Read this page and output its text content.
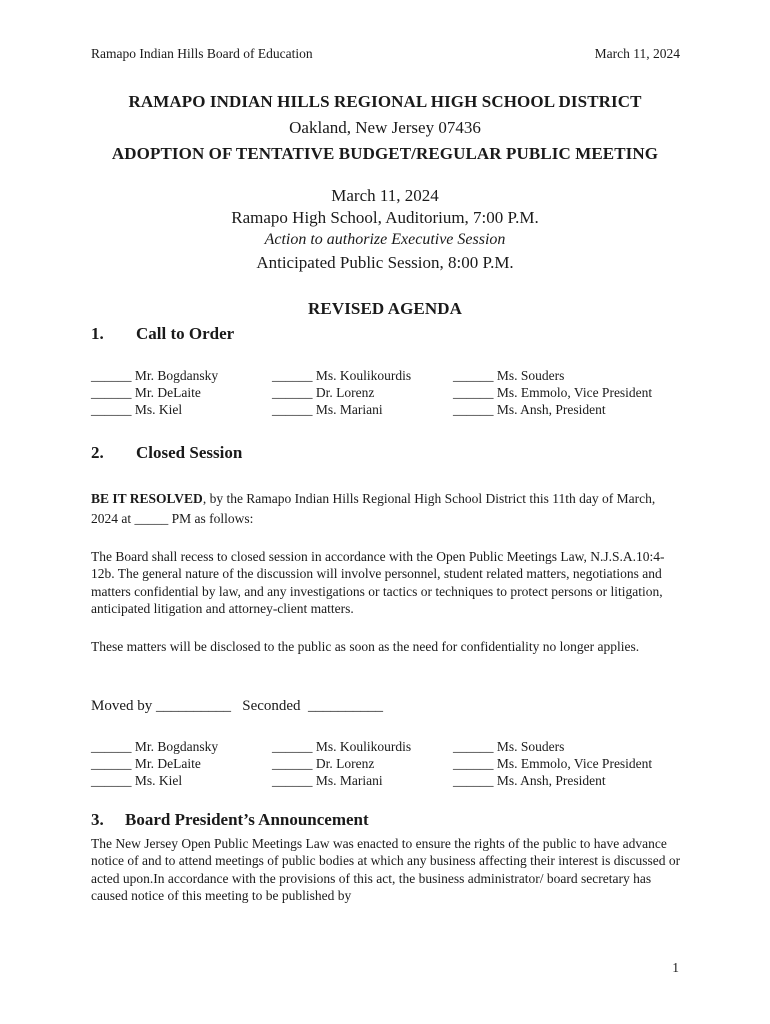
Ramapo Indian Hills Board of Education	March 11, 2024
RAMAPO INDIAN HILLS REGIONAL HIGH SCHOOL DISTRICT
Oakland, New Jersey 07436
ADOPTION OF TENTATIVE BUDGET/REGULAR PUBLIC MEETING
March 11, 2024
Ramapo High School, Auditorium, 7:00 P.M.
Action to authorize Executive Session
Anticipated Public Session, 8:00 P.M.
REVISED AGENDA
1. Call to Order
______ Mr. Bogdansky
______ Mr. DeLaite
______ Ms. Kiel
______ Ms. Koulikourdis
______ Dr. Lorenz
______ Ms. Mariani
______ Ms. Souders
______ Ms. Emmolo, Vice President
______ Ms. Ansh, President
2. Closed Session
BE IT RESOLVED, by the Ramapo Indian Hills Regional High School District this 11th day of March, 2024 at _____ PM as follows:
The Board shall recess to closed session in accordance with the Open Public Meetings Law, N.J.S.A.10:4-12b. The general nature of the discussion will involve personnel, student related matters, negotiations and matters confidential by law, and any investigations or tactics or techniques to protect persons or litigation, anticipated litigation and attorney-client matters.
These matters will be disclosed to the public as soon as the need for confidentiality no longer applies.
Moved by __________   Seconded  __________
______ Mr. Bogdansky
______ Mr. DeLaite
______ Ms. Kiel
______ Ms. Koulikourdis
______ Dr. Lorenz
______ Ms. Mariani
______ Ms. Souders
______ Ms. Emmolo, Vice President
______ Ms. Ansh, President
3. Board President’s Announcement
The New Jersey Open Public Meetings Law was enacted to ensure the rights of the public to have advance notice of and to attend meetings of public bodies at which any business affecting their interest is discussed or acted upon.In accordance with the provisions of this act, the business administrator/ board secretary has caused notice of this meeting to be published by
1
